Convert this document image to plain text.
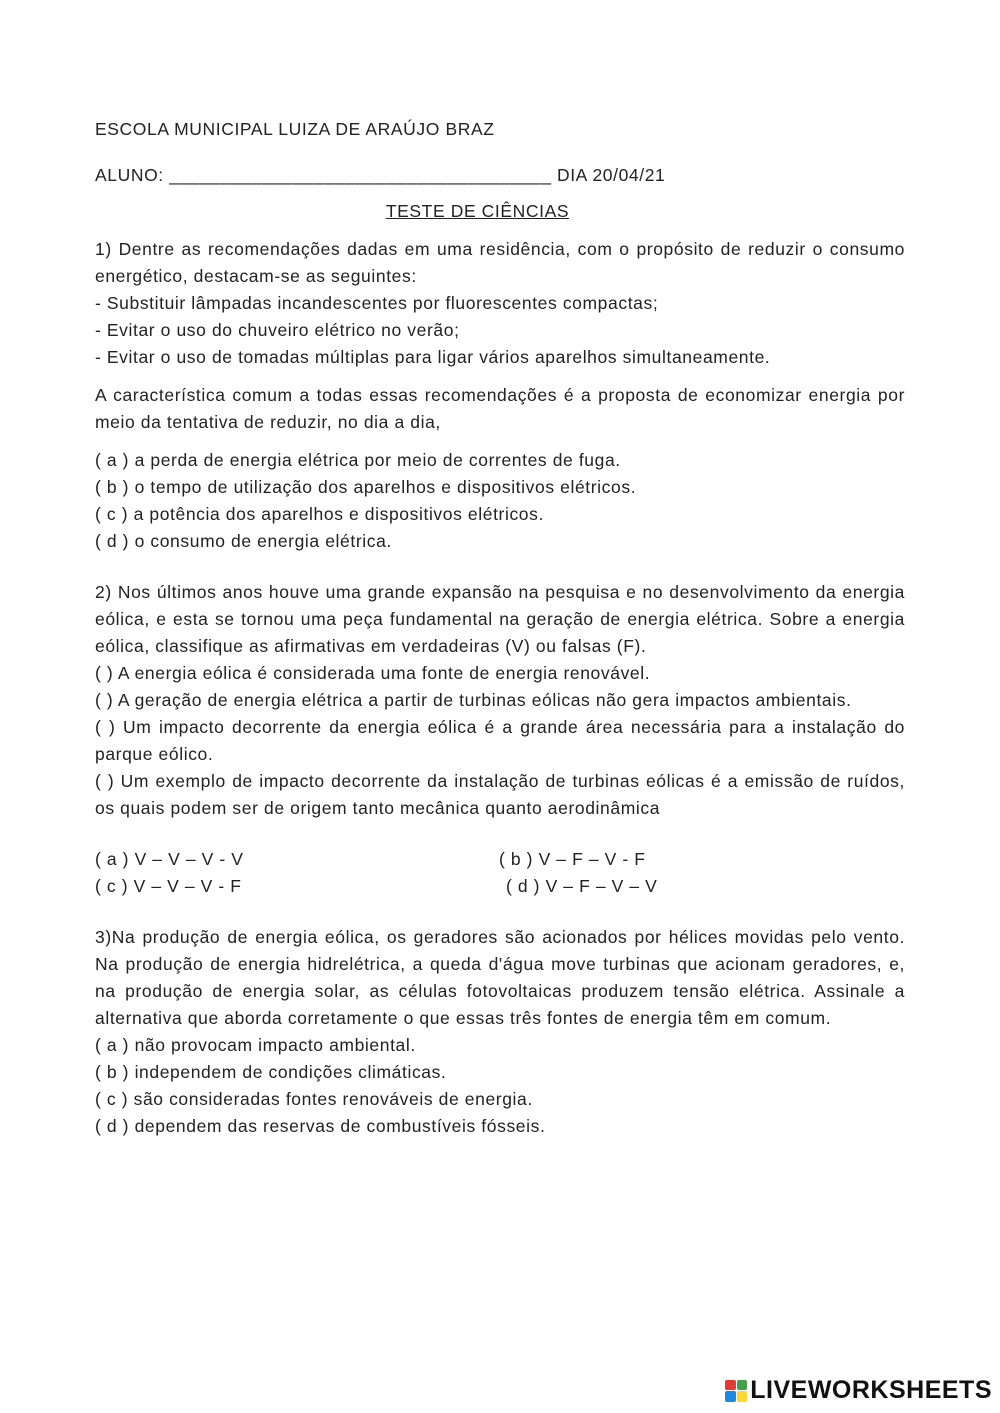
ESCOLA MUNICIPAL LUIZA DE ARAÚJO BRAZ
ALUNO: _____________________________________ DIA 20/04/21
TESTE DE CIÊNCIAS
1) Dentre as recomendações dadas em uma residência, com o propósito de reduzir o consumo energético, destacam-se as seguintes:
- Substituir lâmpadas incandescentes por fluorescentes compactas;
- Evitar o uso do chuveiro elétrico no verão;
- Evitar o uso de tomadas múltiplas para ligar vários aparelhos simultaneamente.
A característica comum a todas essas recomendações é a proposta de economizar energia por meio da tentativa de reduzir, no dia a dia,
( a ) a perda de energia elétrica por meio de correntes de fuga.
( b ) o tempo de utilização dos aparelhos e dispositivos elétricos.
( c ) a potência dos aparelhos e dispositivos elétricos.
( d ) o consumo de energia elétrica.
2) Nos últimos anos houve uma grande expansão na pesquisa e no desenvolvimento da energia eólica, e esta se tornou uma peça fundamental na geração de energia elétrica. Sobre a energia eólica, classifique as afirmativas em verdadeiras (V) ou falsas (F).
( ) A energia eólica é considerada uma fonte de energia renovável.
( ) A geração de energia elétrica a partir de turbinas eólicas não gera impactos ambientais.
( ) Um impacto decorrente da energia eólica é a grande área necessária para a instalação do parque eólico.
( ) Um exemplo de impacto decorrente da instalação de turbinas eólicas é a emissão de ruídos, os quais podem ser de origem tanto mecânica quanto aerodinâmica
( a ) V – V – V - V	( b ) V – F – V - F
( c ) V – V – V - F	( d ) V – F – V – V
3)Na produção de energia eólica, os geradores são acionados por hélices movidas pelo vento. Na produção de energia hidrelétrica, a queda d'água move turbinas que acionam geradores, e, na produção de energia solar, as células fotovoltaicas produzem tensão elétrica. Assinale a alternativa que aborda corretamente o que essas três fontes de energia têm em comum.
( a ) não provocam impacto ambiental.
( b ) independem de condições climáticas.
( c ) são consideradas fontes renováveis de energia.
( d ) dependem das reservas de combustíveis fósseis.
LIVEWORKSHEETS
